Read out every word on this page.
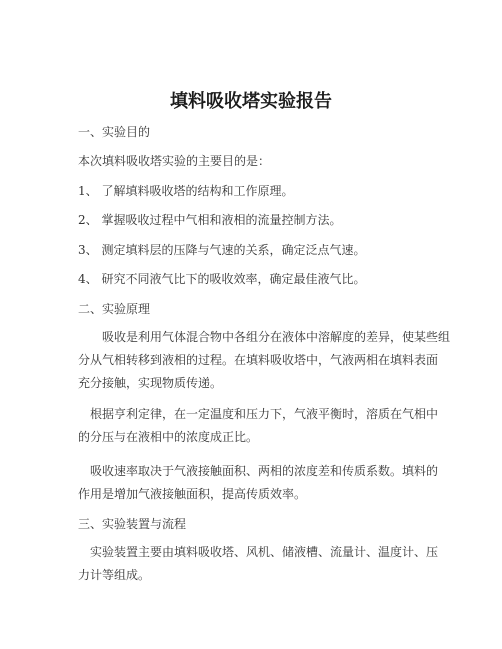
填料吸收塔实验报告

一、实验目的

本次填料吸收塔实验的主要目的是：

1、 了解填料吸收塔的结构和工作原理。

2、 掌握吸收过程中气相和液相的流量控制方法。

3、 测定填料层的压降与气速的关系，确定泛点气速。

4、 研究不同液气比下的吸收效率，确定最佳液气比。

二、实验原理

吸收是利用气体混合物中各组分在液体中溶解度的差异，使某些组
分从气相转移到液相的过程。在填料吸收塔中，气液两相在填料表面
充分接触，实现物质传递。
根据亨利定律，在一定温度和压力下，气液平衡时，溶质在气相中
的分压与在液相中的浓度成正比。
吸收速率取决于气液接触面积、两相的浓度差和传质系数。填料的
作用是增加气液接触面积，提高传质效率。

三、实验装置与流程

实验装置主要由填料吸收塔、风机、储液槽、流量计、温度计、压
力计等组成。
